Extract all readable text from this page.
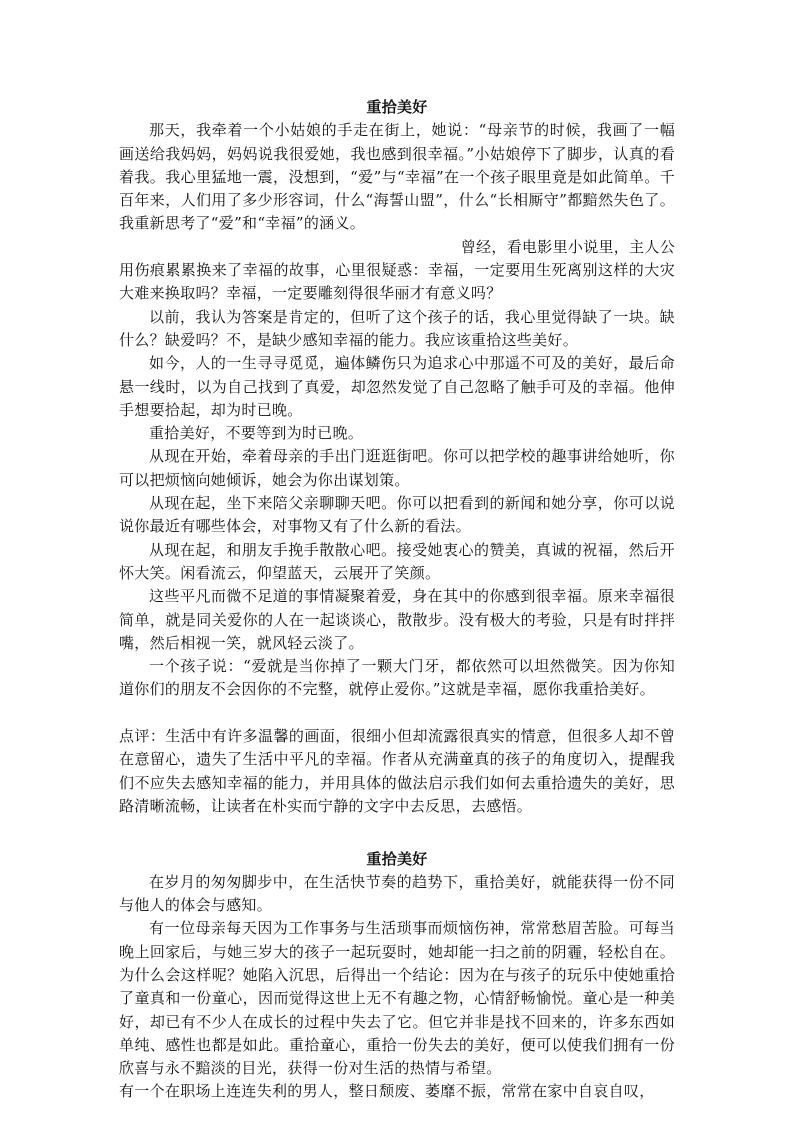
重拾美好

那天，我牵着一个小姑娘的手走在街上，她说：“母亲节的时候，我画了一幅画送给我妈妈，妈妈说我很爱她，我也感到很幸福。”小姑娘停下了脚步，认真的看着我。我心里猛地一震，没想到，“爱”与“幸福”在一个孩子眼里竟是如此简单。千百年来，人们用了多少形容词，什么“海誓山盟”，什么“长相厮守”都黯然失色了。我重新思考了“爱”和“幸福”的涵义。

曾经，看电影里小说里，主人公

用伤痕累累换来了幸福的故事，心里很疑惑：幸福，一定要用生死离别这样的大灾大难来换取吗？幸福，一定要雕刻得很华丽才有意义吗？

以前，我认为答案是肯定的，但听了这个孩子的话，我心里觉得缺了一块。缺什么？缺爱吗？不，是缺少感知幸福的能力。我应该重拾这些美好。

如今，人的一生寻寻觅觅，遍体鳞伤只为追求心中那遥不可及的美好，最后命悬一线时，以为自己找到了真爱，却忽然发觉了自己忽略了触手可及的幸福。他伸手想要拾起，却为时已晚。

重拾美好，不要等到为时已晚。

从现在开始，牵着母亲的手出门逛逛街吧。你可以把学校的趣事讲给她听，你可以把烦恼向她倾诉，她会为你出谋划策。

从现在起，坐下来陪父亲聊聊天吧。你可以把看到的新闻和她分享，你可以说说你最近有哪些体会，对事物又有了什么新的看法。

从现在起，和朋友手挽手散散心吧。接受她衷心的赞美，真诚的祝福，然后开怀大笑。闲看流云，仰望蓝天，云展开了笑颜。

这些平凡而微不足道的事情凝聚着爱，身在其中的你感到很幸福。原来幸福很简单，就是同关爱你的人在一起谈谈心，散散步。没有极大的考验，只是有时拌拌嘴，然后相视一笑，就风轻云淡了。

一个孩子说：“爱就是当你掉了一颗大门牙，都依然可以坦然微笑。因为你知道你们的朋友不会因你的不完整，就停止爱你。”这就是幸福，愿你我重拾美好。

点评：生活中有许多温馨的画面，很细小但却流露很真实的情意，但很多人却不曾在意留心，遗失了生活中平凡的幸福。作者从充满童真的孩子的角度切入，提醒我们不应失去感知幸福的能力，并用具体的做法启示我们如何去重拾遗失的美好，思路清晰流畅，让读者在朴实而宁静的文字中去反思，去感悟。

重拾美好

在岁月的匆匆脚步中，在生活快节奏的趋势下，重拾美好，就能获得一份不同与他人的体会与感知。

有一位母亲每天因为工作事务与生活琐事而烦恼伤神，常常愁眉苦脸。可每当晚上回家后，与她三岁大的孩子一起玩耍时，她却能一扫之前的阴霾，轻松自在。为什么会这样呢？她陷入沉思，后得出一个结论：因为在与孩子的玩乐中使她重拾了童真和一份童心，因而觉得这世上无不有趣之物，心情舒畅愉悦。童心是一种美好，却已有不少人在成长的过程中失去了它。但它并非是找不回来的，许多东西如单纯、感性也都是如此。重拾童心，重拾一份失去的美好，便可以使我们拥有一份欣喜与永不黯淡的目光，获得一份对生活的热情与希望。

有一个在职场上连连失利的男人，整日颓废、萎靡不振，常常在家中自哀自叹，
